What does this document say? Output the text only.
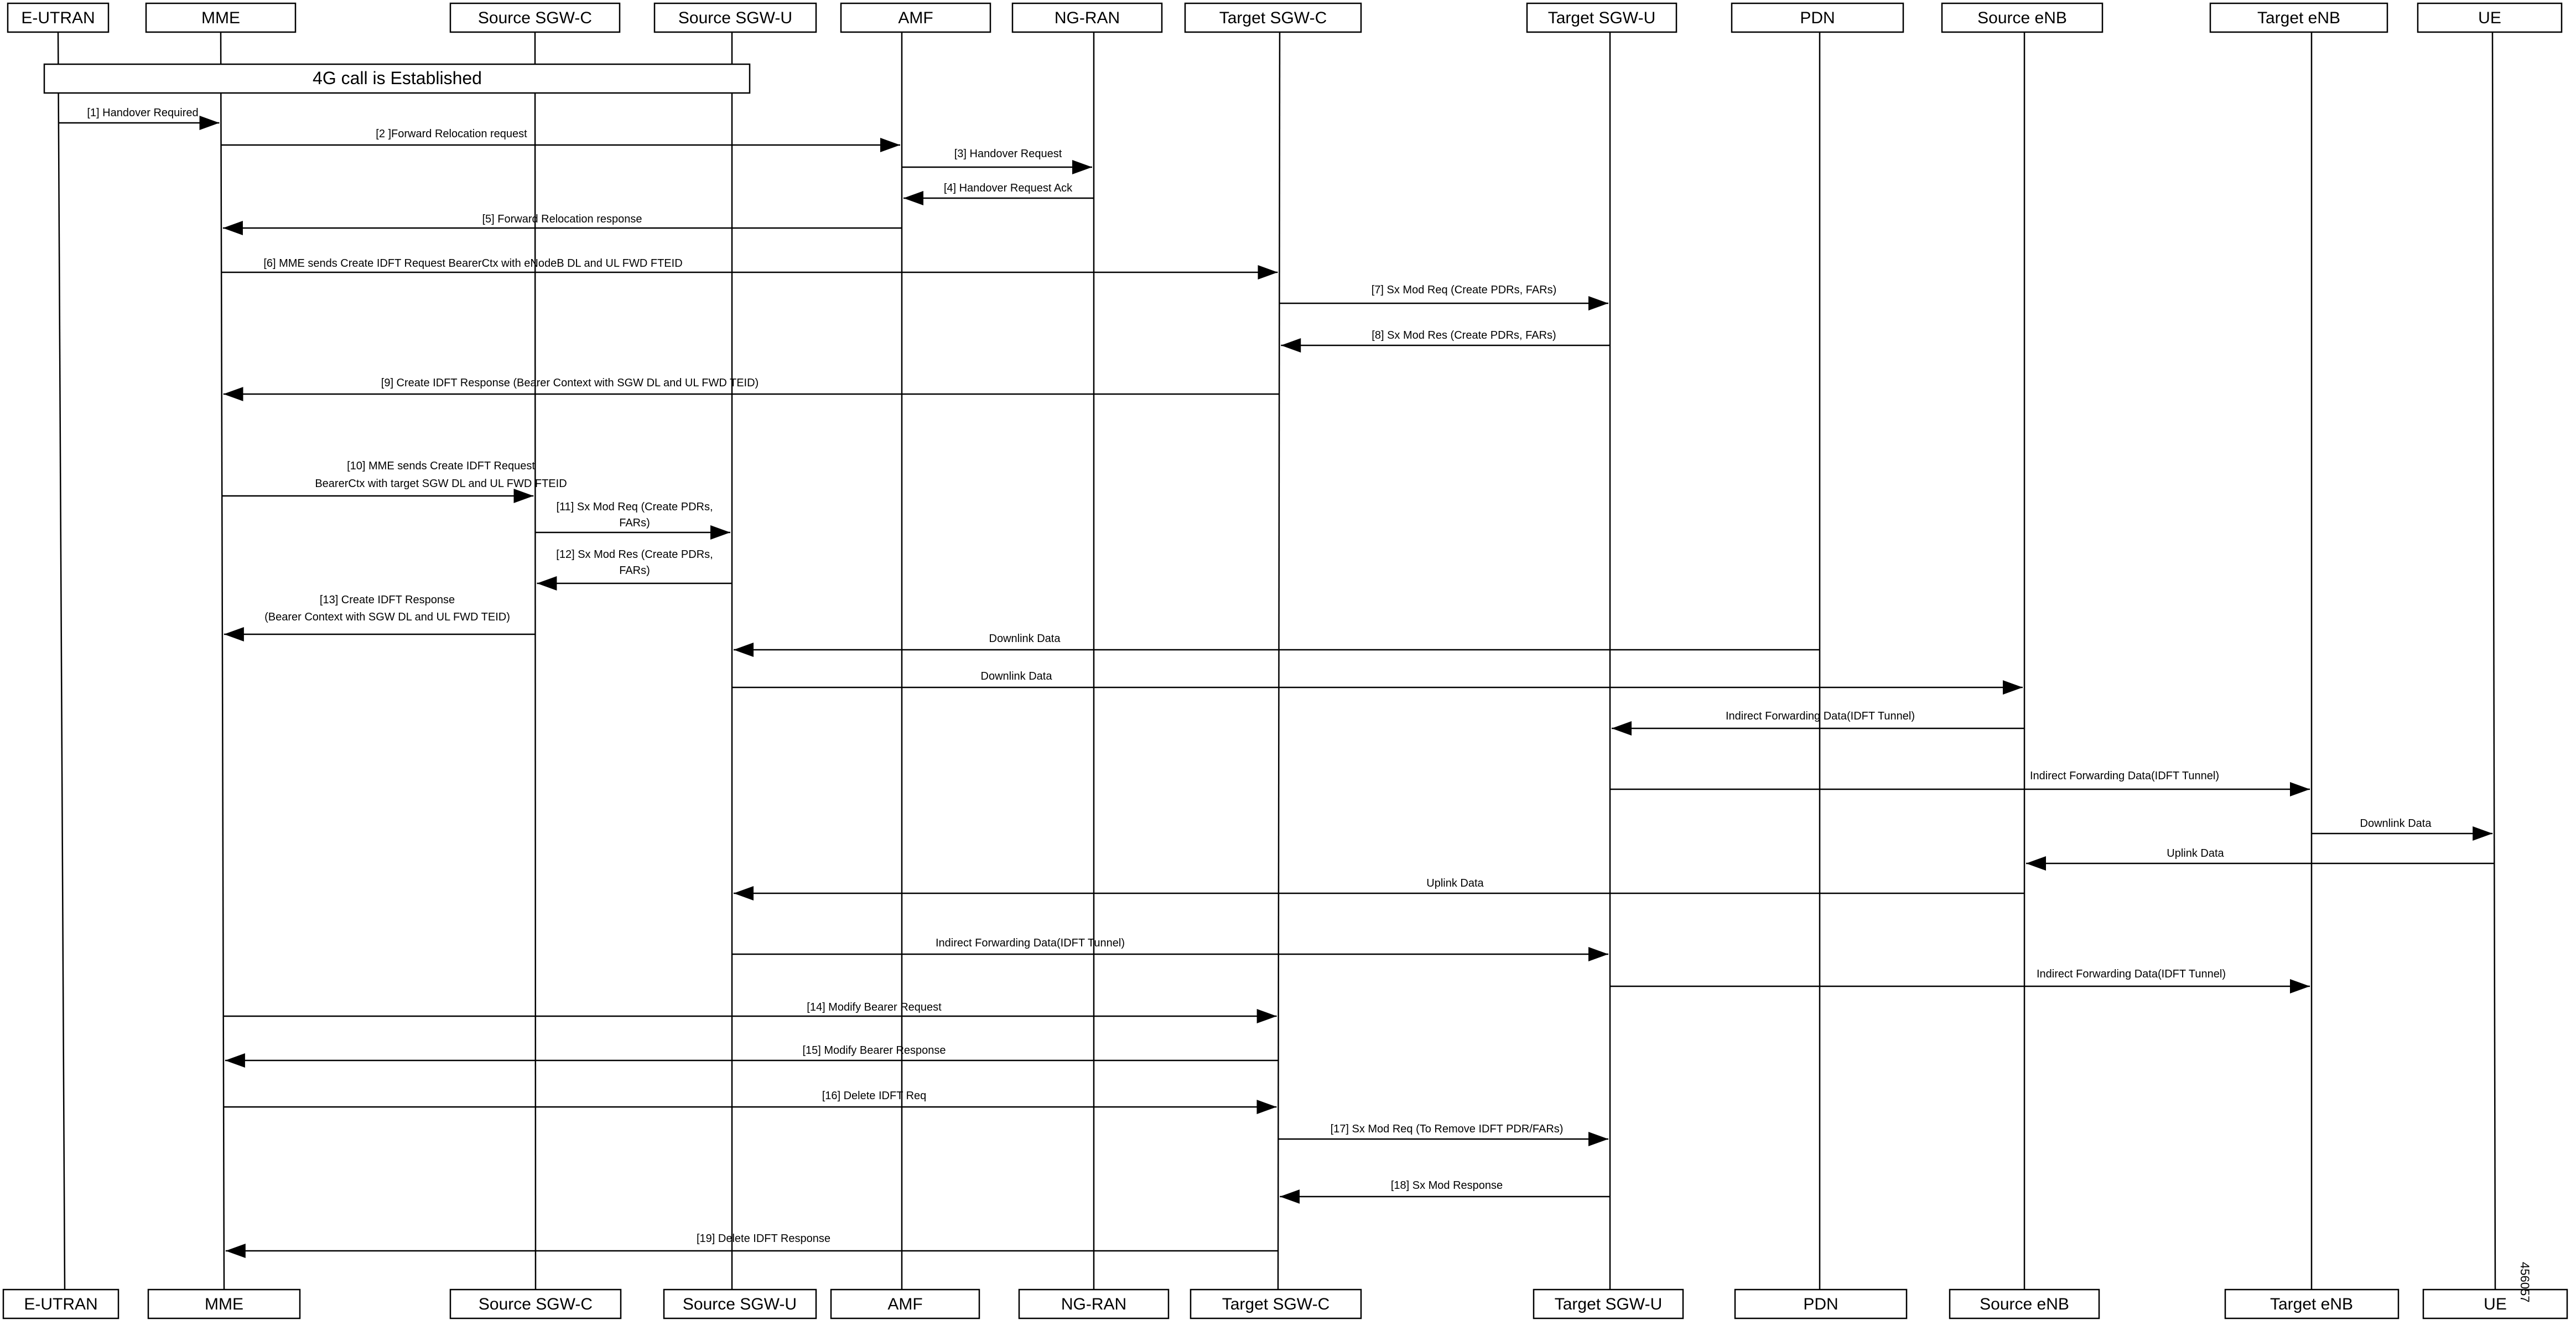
4G call is Established
[1] Handover Required
[2 ]Forward Relocation request
[3] Handover Request
[4] Handover Request Ack
[5] Forward Relocation response
[6] MME sends Create IDFT Request BearerCtx with eNodeB DL and UL FWD FTEID
[7] Sx Mod Req (Create PDRs, FARs)
[8] Sx Mod Res (Create PDRs, FARs)
[9] Create IDFT Response (Bearer Context with SGW DL and UL FWD TEID)
[10] MME sends Create IDFT Request
BearerCtx with target SGW DL and UL FWD FTEID
[11] Sx Mod Req (Create PDRs,
FARs)
[12] Sx Mod Res (Create PDRs,
FARs)
[13] Create IDFT Response
(Bearer Context with SGW DL and UL FWD TEID)
Downlink Data
Downlink Data
Indirect Forwarding Data(IDFT Tunnel)
Indirect Forwarding Data(IDFT Tunnel)
Downlink Data
Uplink Data
Uplink Data
Indirect Forwarding Data(IDFT Tunnel)
Indirect Forwarding Data(IDFT Tunnel)
[14] Modify Bearer Request
[15] Modify Bearer Response
[16] Delete IDFT Req
[17] Sx Mod Req (To Remove IDFT PDR/FARs)
[18] Sx Mod Response
[19] Delete IDFT Response
E-UTRAN	MME	Source SGW-C	Source SGW-U	AMF	NG-RAN	Target SGW-C	Target SGW-U	PDN	Source eNB	Target eNB	UE
E-UTRAN	MME	Source SGW-C	Source SGW-U	AMF	NG-RAN	Target SGW-C	Target SGW-U	PDN	Source eNB	Target eNB	UE
456057
